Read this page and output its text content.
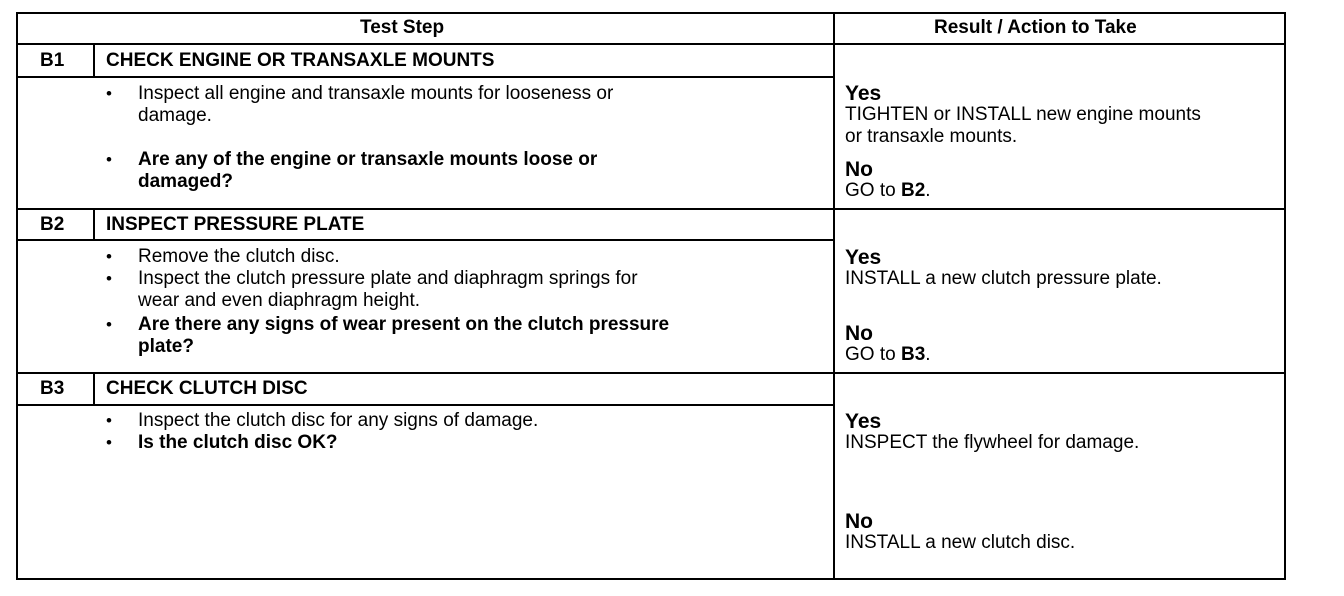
Test Step	Result / Action to Take
B1 CHECK ENGINE OR TRANSAXLE MOUNTS
• Inspect all engine and transaxle mounts for looseness or
damage.
• Are any of the engine or transaxle mounts loose or
damaged?
Yes
TIGHTEN or INSTALL new engine mounts
or transaxle mounts.
No
GO to B2.
B2 INSPECT PRESSURE PLATE
• Remove the clutch disc.
• Inspect the clutch pressure plate and diaphragm springs for
wear and even diaphragm height.
• Are there any signs of wear present on the clutch pressure
plate?
Yes
INSTALL a new clutch pressure plate.
No
GO to B3.
B3 CHECK CLUTCH DISC
• Inspect the clutch disc for any signs of damage.
• Is the clutch disc OK?
Yes
INSPECT the flywheel for damage.
No
INSTALL a new clutch disc.
